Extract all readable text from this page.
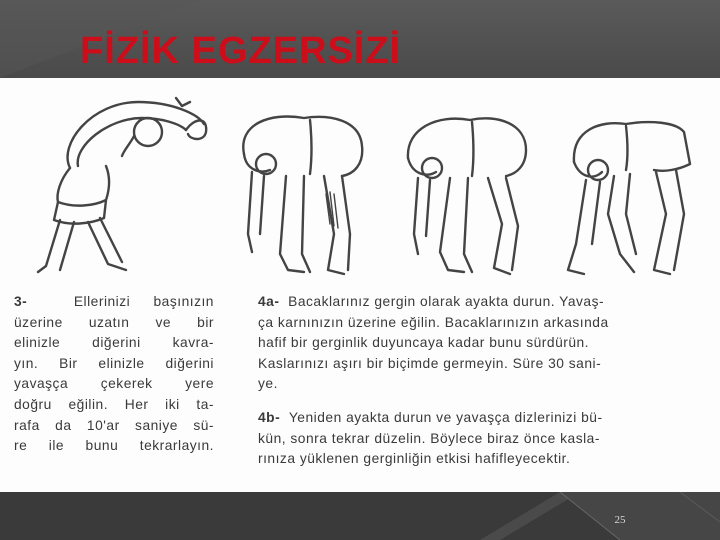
FİZİK EGZERSİZİ
3-	Ellerinizi başınızın
üzerine uzatın ve bir
elinizle diğerini kavra-
yın. Bir elinizle diğerini
yavaşça çekerek yere
doğru eğilin. Her iki ta-
rafa da 10'ar saniye sü-
re ile bunu tekrarlayın.
4a- Bacaklarınız gergin olarak ayakta durun. Yavaş-
ça karnınızın üzerine eğilin. Bacaklarınızın arkasında
hafif bir gerginlik duyuncaya kadar bunu sürdürün.
Kaslarınızı aşırı bir biçimde germeyin. Süre 30 sani-
ye.
4b- Yeniden ayakta durun ve yavaşça dizlerinizi bü-
kün, sonra tekrar düzelin. Böylece biraz önce kasla-
rınıza yüklenen gerginliğin etkisi hafifleyecektir.
25
